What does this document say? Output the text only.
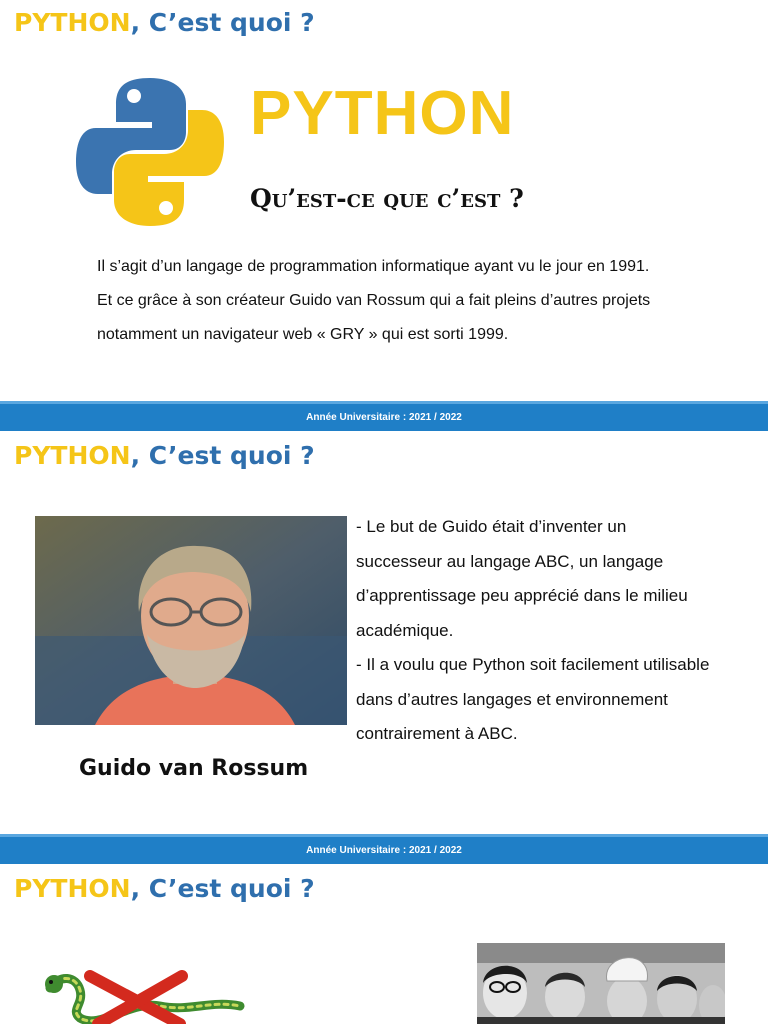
PYTHON, C’est quoi ?
PYTHON
Qu’est-ce que c’est ?
Il s’agit d’un langage de programmation informatique ayant vu le jour en 1991.
Et ce grâce à son créateur Guido van Rossum qui a fait pleins d’autres projets
notamment un navigateur web « GRY » qui est sorti 1999.
Année Universitaire : 2021 / 2022
PYTHON, C’est quoi ?
Guido van Rossum
- Le but de Guido était d’inventer un
successeur au langage ABC, un langage
d’apprentissage peu apprécié dans le milieu
académique.
- Il a voulu que Python soit facilement utilisable
dans d’autres langages et environnement
contrairement à ABC.
Année Universitaire : 2021 / 2022
PYTHON, C’est quoi ?
